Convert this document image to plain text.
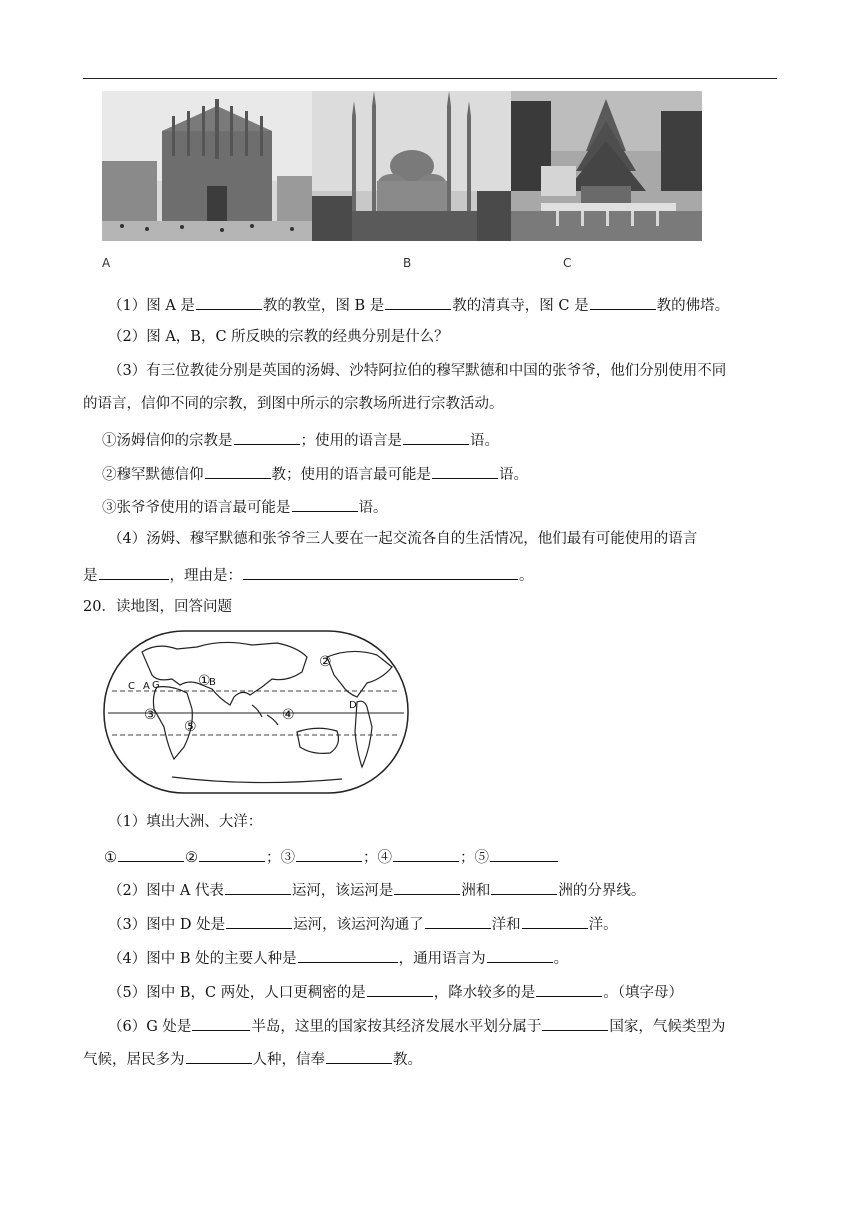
A	B	C
（1）图 A 是	教的教堂，图 B 是	教的清真寺，图 C 是	教的佛塔。
（2）图 A，B，C 所反映的宗教的经典分别是什么？
（3）有三位教徒分别是英国的汤姆、沙特阿拉伯的穆罕默德和中国的张爷爷，他们分别使用不同
的语言，信仰不同的宗教，到图中所示的宗教场所进行宗教活动。
①汤姆信仰的宗教是	；使用的语言是	语。
②穆罕默德信仰	教；使用的语言最可能是	语。
③张爷爷使用的语言最可能是	语。
（4）汤姆、穆罕默德和张爷爷三人要在一起交流各自的生活情况，他们最有可能使用的语言
是	，理由是：	。
20．读地图，回答问题
C A G	B
D
①
②
③	④
⑤
（1）填出大洲、大洋：
①	②	；③	；④	；⑤
（2）图中 A 代表	运河，该运河是	洲和	洲的分界线。
（3）图中 D 处是	运河，该运河沟通了	洋和	洋。
（4）图中 B 处的主要人种是	，通用语言为	。
（5）图中 B，C 两处，人口更稠密的是	，降水较多的是	。（填字母）
（6）G 处是	半岛，这里的国家按其经济发展水平划分属于	国家，气候类型为
气候，居民多为	人种，信奉	教。
